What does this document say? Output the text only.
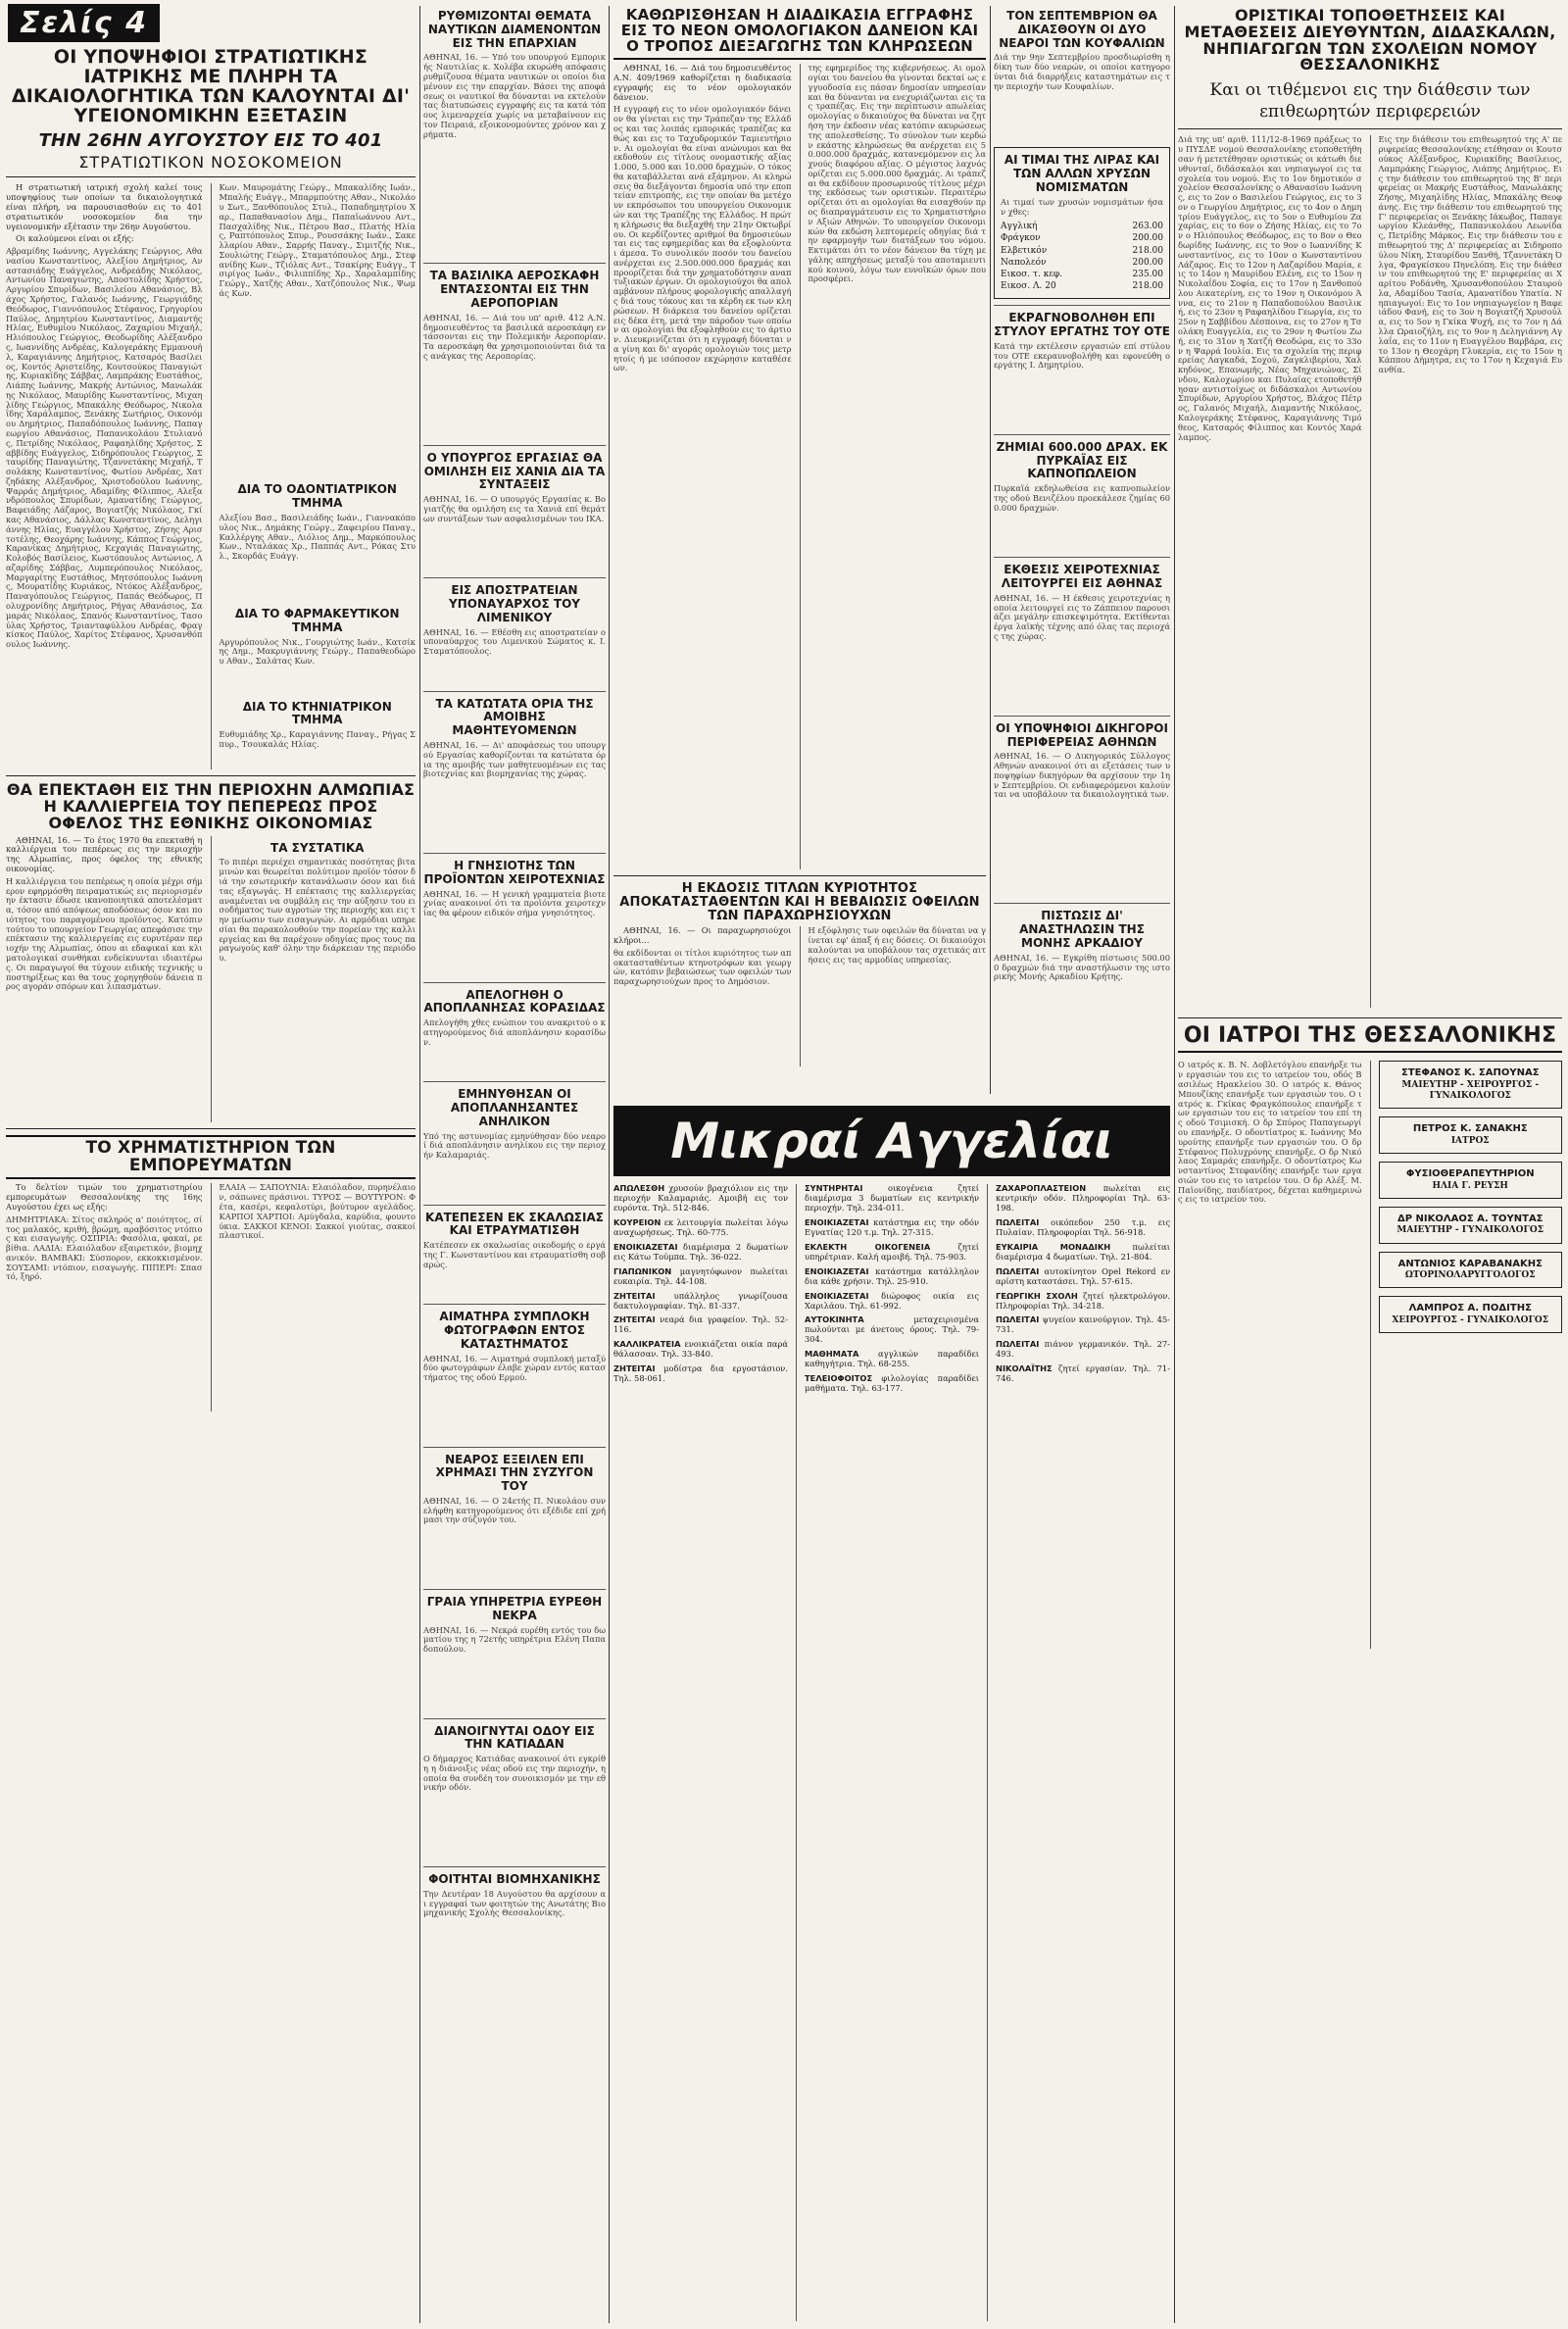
Σελίς 4
ΟΙ ΥΠΟΨΗΦΙΟΙ ΣΤΡΑΤΙΩΤΙΚΗΣ ΙΑΤΡΙΚΗΣ ΜΕ ΠΛΗΡΗ ΤΑ ΔΙΚΑΙΟΛΟΓΗΤΙΚΑ ΤΩΝ ΚΑΛΟΥΝΤΑΙ ΔΙ' ΥΓΕΙΟΝΟΜΙΚΗΝ ΕΞΕΤΑΣΙΝ
ΤΗΝ 26ΗΝ ΑΥΓΟΥΣΤΟΥ ΕΙΣ ΤΟ 401
ΣΤΡΑΤΙΩΤΙΚΟΝ ΝΟΣΟΚΟΜΕΙΟΝ

Η στρατιωτική ιατρική σχολή καλεί τους υποψηφίους των οποίων τα δικαιολογητικά είναι πλήρη, να παρουσιασθούν εις το 401 στρατιωτικόν νοσοκομείον δια την υγειονομικήν εξέτασιν την 26ην Αυγούστου.

Οι καλούμενοι είναι οι εξής:

Αβραμίδης Ιωάννης, Αγγελάκης Γεώργιος, Αθανασίου Κωνσταντίνος, Αλεξίου Δημήτριος, Αναστασιάδης Ευάγγελος, Ανδρεάδης Νικόλαος, Αντωνίου Παναγιώτης, Αποστολίδης Χρήστος, Αργυρίου Σπυρίδων, Βασιλείου Αθανάσιος, Βλάχος Χρήστος, Γαλανός Ιωάννης, Γεωργιάδης Θεόδωρος, Γιαννόπουλος Στέφανος, Γρηγορίου Παύλος, Δημητρίου Κωνσταντίνος, Διαμαντής Ηλίας, Ευθυμίου Νικόλαος, Ζαχαρίου Μιχαήλ, Ηλιόπουλος Γεώργιος, Θεοδωρίδης Αλέξανδρος, Ιωαννίδης Ανδρέας, Καλογεράκης Εμμανουήλ, Καραγιάννης Δημήτριος, Κατσαρός Βασίλειος, Κοντός Αριστείδης, Κουτσούκος Παναγιώτης, Κυριακίδης Σάββας, Λαμπράκης Ευστάθιος, Λιάπης Ιωάννης, Μακρής Αντώνιος, Μανωλάκης Νικόλαος, Μαυρίδης Κωνσταντίνος, Μιχαηλίδης Γεώργιος, Μπακάλης Θεόδωρος, Νικολαΐδης Χαράλαμπος, Ξενάκης Σωτήριος, Οικονόμου Δημήτριος, Παπαδόπουλος Ιωάννης, Παπαγεωργίου Αθανάσιος, Παπανικολάου Στυλιανός, Πετρίδης Νικόλαος, Ραφαηλίδης Χρήστος, Σαββίδης Ευάγγελος, Σιδηρόπουλος Γεώργιος, Σταυρίδης Παναγιώτης, Τζαννετάκης Μιχαήλ, Τσολάκης Κωνσταντίνος, Φωτίου Ανδρέας, Χατζηδάκης Αλέξανδρος, Χριστοδούλου Ιωάννης, Ψαρράς Δημήτριος, Αδαμίδης Φίλιππος, Αλεξανδρόπουλος Σπυρίδων, Αμανατίδης Γεώργιος, Βαφειάδης Λάζαρος, Βογιατζής Νικόλαος, Γκίκας Αθανάσιος, Δάλλας Κωνσταντίνος, Δεληγιάννης Ηλίας, Ευαγγέλου Χρήστος, Ζήσης Αριστοτέλης, Θεοχάρης Ιωάννης, Κάππος Γεώργιος, Καρανίκας Δημήτριος, Κεχαγιάς Παναγιώτης, Κολοβός Βασίλειος, Κωστόπουλος Αντώνιος, Λαζαρίδης Σάββας, Λυμπερόπουλος Νικόλαος, Μαργαρίτης Ευστάθιος, Μητσόπουλος Ιωάννης, Μουρατίδης Κυριάκος, Ντόκος Αλέξανδρος, Παναγόπουλος Γεώργιος, Παπάς Θεόδωρος, Πολυχρονίδης Δημήτριος, Ρήγας Αθανάσιος, Σαμαράς Νικόλαος, Σπανός Κωνσταντίνος, Τασούλας Χρήστος, Τριανταφύλλου Ανδρέας, Φραγκίσκος Παύλος, Χαρίτος Στέφανος, Χρυσανθόπουλος Ιωάννης.
Κων. Μαυρομάτης Γεώργ., Μπακαλίδης Ιωάν., Μπαλής Ευάγγ., Μπαρμπούτης Αθαν., Νικολάου Σωτ., Ξανθόπουλος Στυλ., Παπαδημητρίου Χαρ., Παπαθανασίου Δημ., Παπαϊωάννου Αντ., Πασχαλίδης Νικ., Πέτρου Βασ., Πλατής Ηλίας, Ραπτόπουλος Σπυρ., Ρουσσάκης Ιωάν., Σακελλαρίου Αθαν., Σαρρής Παναγ., Σιμιτζής Νικ., Σουλιώτης Γεώργ., Σταματόπουλος Δημ., Στεφανίδης Κων., Τζιόλας Αντ., Τσακίρης Ευάγγ., Τσιρίγος Ιωάν., Φιλιππίδης Χρ., Χαραλαμπίδης Γεώργ., Χατζής Αθαν., Χατζόπουλος Νικ., Ψωμάς Κων.
ΔΙΑ ΤΟ ΟΔΟΝΤΙΑΤΡΙΚΟΝ ΤΜΗΜΑ
Αλεξίου Βασ., Βασιλειάδης Ιωάν., Γιαννακόπουλος Νικ., Δημάκης Γεώργ., Ζαφειρίου Παναγ., Καλλέργης Αθαν., Λιόλιος Δημ., Μαρκόπουλος Κων., Νταλάκας Χρ., Παππάς Αντ., Ρόκας Στυλ., Σκορδάς Ευάγγ.
ΔΙΑ ΤΟ ΦΑΡΜΑΚΕΥΤΙΚΟΝ ΤΜΗΜΑ
Αργυρόπουλος Νικ., Γουργιώτης Ιωάν., Κατσίκης Δημ., Μακρυγιάννης Γεώργ., Παπαθεοδώρου Αθαν., Σαλάτας Κων.
ΔΙΑ ΤΟ ΚΤΗΝΙΑΤΡΙΚΟΝ ΤΜΗΜΑ
Ευθυμιάδης Χρ., Καραγιάννης Παναγ., Ρήγας Σπυρ., Τσουκαλάς Ηλίας.
ΘΑ ΕΠΕΚΤΑΘΗ ΕΙΣ ΤΗΝ ΠΕΡΙΟΧΗΝ ΑΛΜΩΠΙΑΣ Η ΚΑΛΛΙΕΡΓΕΙΑ ΤΟΥ ΠΕΠΕΡΕΩΣ ΠΡΟΣ ΟΦΕΛΟΣ ΤΗΣ ΕΘΝΙΚΗΣ ΟΙΚΟΝΟΜΙΑΣ

ΑΘΗΝΑΙ, 16. — Το έτος 1970 θα επεκταθή η καλλιέργεια του πεπέρεως εις την περιοχήν της Αλμωπίας, προς όφελος της εθνικής οικονομίας.

Η καλλιέργεια του πεπέρεως η οποία μέχρι σήμερον εφηρμόσθη πειραματικώς εις περιορισμένην έκτασιν έδωσε ικανοποιητικά αποτελέσματα, τόσον από απόψεως αποδόσεως όσον και ποιότητος του παραγομένου προϊόντος. Κατόπιν τούτου το υπουργείον Γεωργίας απεφάσισε την επέκτασιν της καλλιεργείας εις ευρυτέραν περιοχήν της Αλμωπίας, όπου αι εδαφικαί και κλιματολογικαί συνθήκαι ενδείκνυνται ιδιαιτέρως. Οι παραγωγοί θα τύχουν ειδικής τεχνικής υποστηρίξεως και θα τους χορηγηθούν δάνεια προς αγοράν σπόρων και λιπασμάτων.
ΤΑ ΣΥΣΤΑΤΙΚΑ
Το πιπέρι περιέχει σημαντικάς ποσότητας βιταμινών και θεωρείται πολύτιμον προϊόν τόσον διά την εσωτερικήν κατανάλωσιν όσον και διά τας εξαγωγάς. Η επέκτασις της καλλιεργείας αναμένεται να συμβάλη εις την αύξησιν του εισοδήματος των αγροτών της περιοχής και εις την μείωσιν των εισαγωγών. Αι αρμόδιαι υπηρεσίαι θα παρακολουθούν την πορείαν της καλλιεργείας και θα παρέχουν οδηγίας προς τους παραγωγούς καθ' όλην την διάρκειαν της περιόδου.
ΤΟ ΧΡΗΜΑΤΙΣΤΗΡΙΟΝ ΤΩΝ ΕΜΠΟΡΕΥΜΑΤΩΝ

Το δελτίον τιμών του χρηματιστηρίου εμπορευμάτων Θεσσαλονίκης της 16ης Αυγούστου έχει ως εξής:

ΔΗΜΗΤΡΙΑΚΑ: Σίτος σκληρός α' ποιότητος, σίτος μαλακός, κριθή, βρώμη, αραβόσιτος ντόπιος και εισαγωγής. ΟΣΠΡΙΑ: Φασόλια, φακαί, ρεβίθια. ΛΑΔΙΑ: Ελαιόλαδον εξαιρετικόν, βιομηχανικόν. ΒΑΜΒΑΚΙ: Σύσπορον, εκκοκκισμένον. ΣΟΥΣΑΜΙ: ντόπιον, εισαγωγής. ΠΙΠΕΡΙ: Σπαστό, ξηρό.
ΕΛΑΙΑ — ΣΑΠΟΥΝΙΑ: Ελαιόλαδον, πυρηνέλαιον, σάπωνες πράσινοι. ΤΥΡΟΣ — ΒΟΥΤΥΡΟΝ: Φέτα, κασέρι, κεφαλοτύρι, βούτυρον αγελάδος. ΚΑΡΠΟΙ ΧΑΡΤΙΟΙ: Αμύγδαλα, καρύδια, φουντούκια. ΣΑΚΚΟΙ ΚΕΝΟΙ: Σακκοί γιούτας, σακκοί πλαστικοί.
ΡΥΘΜΙΖΟΝΤΑΙ ΘΕΜΑΤΑ ΝΑΥΤΙΚΩΝ ΔΙΑΜΕΝΟΝΤΩΝ ΕΙΣ ΤΗΝ ΕΠΑΡΧΙΑΝ
ΑΘΗΝΑΙ, 16. — Υπό του υπουργού Εμπορικής Ναυτιλίας κ. Χολέβα εκυρώθη απόφασις ρυθμίζουσα θέματα ναυτικών οι οποίοι διαμένουν εις την επαρχίαν. Βάσει της αποφάσεως οι ναυτικοί θα δύνανται να εκτελούν τας διατυπώσεις εγγραφής εις τα κατά τόπους λιμεναρχεία χωρίς να μεταβαίνουν εις τον Πειραιά, εξοικονομούντες χρόνον και χρήματα.
ΤΑ ΒΑΣΙΛΙΚΑ ΑΕΡΟΣΚΑΦΗ ΕΝΤΑΣΣΟΝΤΑΙ ΕΙΣ ΤΗΝ ΑΕΡΟΠΟΡΙΑΝ
ΑΘΗΝΑΙ, 16. — Διά του υπ' αριθ. 412 Α.Ν. δημοσιευθέντος τα βασιλικά αεροσκάφη εντάσσονται εις την Πολεμικήν Αεροπορίαν. Τα αεροσκάφη θα χρησιμοποιούνται διά τας ανάγκας της Αεροπορίας.
Ο ΥΠΟΥΡΓΟΣ ΕΡΓΑΣΙΑΣ ΘΑ ΟΜΙΛΗΣΗ ΕΙΣ ΧΑΝΙΑ ΔΙΑ ΤΑ ΣΥΝΤΑΞΕΙΣ
ΑΘΗΝΑΙ, 16. — Ο υπουργός Εργασίας κ. Βογιατζής θα ομιλήση εις τα Χανιά επί θεμάτων συντάξεων των ασφαλισμένων του ΙΚΑ.
ΕΙΣ ΑΠΟΣΤΡΑΤΕΙΑΝ ΥΠΟΝΑΥΑΡΧΟΣ ΤΟΥ ΛΙΜΕΝΙΚΟΥ
ΑΘΗΝΑΙ, 16. — Εθέσθη εις αποστρατείαν ο υποναύαρχος του Λιμενικού Σώματος κ. Ι. Σταματόπουλος.
ΤΑ ΚΑΤΩΤΑΤΑ ΟΡΙΑ ΤΗΣ ΑΜΟΙΒΗΣ ΜΑΘΗΤΕΥΟΜΕΝΩΝ
ΑΘΗΝΑΙ, 16. — Δι' αποφάσεως του υπουργού Εργασίας καθορίζονται τα κατώτατα όρια της αμοιβής των μαθητευομένων εις τας βιοτεχνίας και βιομηχανίας της χώρας.
Η ΓΝΗΣΙΟΤΗΣ ΤΩΝ ΠΡΟΪΟΝΤΩΝ ΧΕΙΡΟΤΕΧΝΙΑΣ
ΑΘΗΝΑΙ, 16. — Η γενική γραμματεία βιοτεχνίας ανακοινοί ότι τα προϊόντα χειροτεχνίας θα φέρουν ειδικόν σήμα γνησιότητος.
ΑΠΕΛΟΓΗΘΗ Ο ΑΠΟΠΛΑΝΗΣΑΣ ΚΟΡΑΣΙΔΑΣ
Απελογήθη χθες ενώπιον του ανακριτού ο κατηγορούμενος διά αποπλάνησιν κορασίδων.
ΕΜΗΝΥΘΗΣΑΝ ΟΙ ΑΠΟΠΛΑΝΗΣΑΝΤΕΣ ΑΝΗΛΙΚΟΝ
Υπό της αστυνομίας εμηνύθησαν δύο νεαροί διά αποπλάνησιν ανηλίκου εις την περιοχήν Καλαμαριάς.
ΚΑΤΕΠΕΣΕΝ ΕΚ ΣΚΑΛΩΣΙΑΣ ΚΑΙ ΕΤΡΑΥΜΑΤΙΣΘΗ
Κατέπεσεν εκ σκαλωσίας οικοδομής ο εργάτης Γ. Κωνσταντίνου και ετραυματίσθη σοβαρώς.
ΑΙΜΑΤΗΡΑ ΣΥΜΠΛΟΚΗ ΦΩΤΟΓΡΑΦΩΝ ΕΝΤΟΣ ΚΑΤΑΣΤΗΜΑΤΟΣ
ΑΘΗΝΑΙ, 16. — Αιματηρά συμπλοκή μεταξύ δύο φωτογράφων έλαβε χώραν εντός καταστήματος της οδού Ερμού.
ΝΕΑΡΟΣ ΕΞΕΙΛΕΝ ΕΠΙ ΧΡΗΜΑΣΙ ΤΗΝ ΣΥΖΥΓΟΝ ΤΟΥ
ΑΘΗΝΑΙ, 16. — Ο 24ετής Π. Νικολάου συνελήφθη κατηγορούμενος ότι εξέδιδε επί χρήμασι την σύζυγόν του.
ΓΡΑΙΑ ΥΠΗΡΕΤΡΙΑ ΕΥΡΕΘΗ ΝΕΚΡΑ
ΑΘΗΝΑΙ, 16. — Νεκρά ευρέθη εντός του δωματίου της η 72ετής υπηρέτρια Ελένη Παπαδοπούλου.
ΔΙΑΝΟΙΓΝΥΤΑΙ ΟΔΟΥ ΕΙΣ ΤΗΝ ΚΑΤΙΑΔΑΝ
Ο δήμαρχος Κατιάδας ανακοινοί ότι εγκρίθη η διάνοιξις νέας οδού εις την περιοχήν, η οποία θα συνδέη τον συνοικισμόν με την εθνικήν οδόν.
ΦΟΙΤΗΤΑΙ ΒΙΟΜΗΧΑΝΙΚΗΣ
Την Δευτέραν 18 Αυγούστου θα αρχίσουν αι εγγραφαί των φοιτητών της Ανωτάτης Βιομηχανικής Σχολής Θεσσαλονίκης.
ΚΑΘΩΡΙΣΘΗΣΑΝ Η ΔΙΑΔΙΚΑΣΙΑ ΕΓΓΡΑΦΗΣ ΕΙΣ ΤΟ ΝΕΟΝ ΟΜΟΛΟΓΙΑΚΟΝ ΔΑΝΕΙΟΝ ΚΑΙ Ο ΤΡΟΠΟΣ ΔΙΕΞΑΓΩΓΗΣ ΤΩΝ ΚΛΗΡΩΣΕΩΝ

ΑΘΗΝΑΙ, 16. — Διά του δημοσιευθέντος Α.Ν. 409/1969 καθορίζεται η διαδικασία εγγραφής εις το νέον ομολογιακόν δάνειον.

Η εγγραφή εις το νέον ομολογιακόν δάνειον θα γίνεται εις την Τράπεζαν της Ελλάδος και τας λοιπάς εμπορικάς τραπέζας καθώς και εις το Ταχυδρομικόν Ταμιευτήριον. Αι ομολογίαι θα είναι ανώνυμοι και θα εκδοθούν εις τίτλους ονομαστικής αξίας 1.000, 5.000 και 10.000 δραχμών. Ο τόκος θα καταβάλλεται ανά εξάμηνον. Αι κληρώσεις θα διεξάγονται δημοσία υπό την εποπτείαν επιτροπής, εις την οποίαν θα μετέχουν εκπρόσωποι του υπουργείου Οικονομικών και της Τραπέζης της Ελλάδος. Η πρώτη κλήρωσις θα διεξαχθή την 21ην Οκτωβρίου. Οι κερδίζοντες αριθμοί θα δημοσιεύωνται εις τας εφημερίδας και θα εξοφλούνται άμεσα. Το συνολικόν ποσόν του δανείου ανέρχεται εις 2.500.000.000 δραχμάς και προορίζεται διά την χρηματοδότησιν αναπτυξιακών έργων. Οι ομολογιούχοι θα απολαμβάνουν πλήρους φορολογικής απαλλαγής διά τους τόκους και τα κέρδη εκ των κληρώσεων. Η διάρκεια του δανείου ορίζεται εις δέκα έτη, μετά την πάροδον των οποίων αι ομολογίαι θα εξοφληθούν εις το άρτιον. Διευκρινίζεται ότι η εγγραφή δύναται να γίνη και δι' αγοράς ομολογιών τοις μετρητοίς ή με ισόποσον εκχώρησιν καταθέσεων.
της εφημερίδος της κυβερνήσεως. Αι ομολογίαι του δανείου θα γίνονται δεκταί ως εγγυοδοσία εις πάσαν δημοσίαν υπηρεσίαν και θα δύνανται να ενεχυριάζωνται εις τας τραπέζας. Εις την περίπτωσιν απωλείας ομολογίας ο δικαιούχος θα δύναται να ζητήση την έκδοσιν νέας κατόπιν ακυρώσεως της απολεσθείσης. Το σύνολον των κερδών εκάστης κληρώσεως θα ανέρχεται εις 50.000.000 δραχμάς, κατανεμόμενον εις λαχνούς διαφόρου αξίας. Ο μέγιστος λαχνός ορίζεται εις 5.000.000 δραχμάς. Αι τράπεζαι θα εκδίδουν προσωρινούς τίτλους μέχρι της εκδόσεως των οριστικών. Περαιτέρω ορίζεται ότι αι ομολογίαι θα εισαχθούν προς διαπραγμάτευσιν εις το Χρηματιστήριον Αξιών Αθηνών. Το υπουργείον Οικονομικών θα εκδώση λεπτομερείς οδηγίας διά την εφαρμογήν των διατάξεων του νόμου. Εκτιμάται ότι το νέον δάνειον θα τύχη μεγάλης απηχήσεως μεταξύ του αποταμιευτικού κοινού, λόγω των ευνοϊκών όρων που προσφέρει.
Η ΕΚΔΟΣΙΣ ΤΙΤΛΩΝ ΚΥΡΙΟΤΗΤΟΣ ΑΠΟΚΑΤΑΣΤΑΘΕΝΤΩΝ ΚΑΙ Η ΒΕΒΑΙΩΣΙΣ ΟΦΕΙΛΩΝ ΤΩΝ ΠΑΡΑΧΩΡΗΣΙΟΥΧΩΝ

ΑΘΗΝΑΙ, 16. — Οι παραχωρησιούχοι κλήροι...

θα εκδίδονται οι τίτλοι κυριότητος των αποκατασταθέντων κτηνοτρόφων και γεωργών, κατόπιν βεβαιώσεως των οφειλών των παραχωρησιούχων προς το Δημόσιον.
Η εξόφλησις των οφειλών θα δύναται να γίνεται εφ' άπαξ ή εις δόσεις. Οι δικαιούχοι καλούνται να υποβάλουν τας σχετικάς αιτήσεις εις τας αρμοδίας υπηρεσίας.
ΤΟΝ ΣΕΠΤΕΜΒΡΙΟΝ ΘΑ ΔΙΚΑΣΘΟΥΝ ΟΙ ΔΥΟ ΝΕΑΡΟΙ ΤΩΝ ΚΟΥΦΑΛΙΩΝ
Διά την 9ην Σεπτεμβρίου προσδιωρίσθη η δίκη των δύο νεαρών, οι οποίοι κατηγορούνται διά διαρρήξεις καταστημάτων εις την περιοχήν των Κουφαλίων.
ΑΙ ΤΙΜΑΙ ΤΗΣ ΛΙΡΑΣ ΚΑΙ ΤΩΝ ΑΛΛΩΝ ΧΡΥΣΩΝ ΝΟΜΙΣΜΑΤΩΝ
Αι τιμαί των χρυσών νομισμάτων ήσαν χθες:
Αγγλική	263.00
Φράγκον	200.00
Ελβετικόν	218.00
Ναπολεόν	200.00
Εικοσ. τ. κεφ.	235.00
Εικοσ. Λ. 20	218.00
ΕΚΡΑΓΝΟΒΟΛΗΘΗ ΕΠΙ ΣΤΥΛΟΥ ΕΡΓΑΤΗΣ ΤΟΥ ΟΤΕ
Κατά την εκτέλεσιν εργασιών επί στύλου του ΟΤΕ εκεραυνοβολήθη και εφονεύθη ο εργάτης Ι. Δημητρίου.
ΖΗΜΙΑΙ 600.000 ΔΡΑΧ. ΕΚ ΠΥΡΚΑΪΑΣ ΕΙΣ ΚΑΠΝΟΠΩΛΕΙΟΝ
Πυρκαϊά εκδηλωθείσα εις καπνοπωλείον της οδού Βενιζέλου προεκάλεσε ζημίας 600.000 δραχμών.
ΕΚΘΕΣΙΣ ΧΕΙΡΟΤΕΧΝΙΑΣ ΛΕΙΤΟΥΡΓΕΙ ΕΙΣ ΑΘΗΝΑΣ
ΑΘΗΝΑΙ, 16. — Η έκθεσις χειροτεχνίας η οποία λειτουργεί εις το Ζάππειον παρουσιάζει μεγάλην επισκεψιμότητα. Εκτίθενται έργα λαϊκής τέχνης από όλας τας περιοχάς της χώρας.
ΟΙ ΥΠΟΨΗΦΙΟΙ ΔΙΚΗΓΟΡΟΙ ΠΕΡΙΦΕΡΕΙΑΣ ΑΘΗΝΩΝ
ΑΘΗΝΑΙ, 16. — Ο Δικηγορικός Σύλλογος Αθηνών ανακοινοί ότι αι εξετάσεις των υποψηφίων δικηγόρων θα αρχίσουν την 1ην Σεπτεμβρίου. Οι ενδιαφερόμενοι καλούνται να υποβάλουν τα δικαιολογητικά των.
ΠΙΣΤΩΣΙΣ ΔΙ' ΑΝΑΣΤΗΛΩΣΙΝ ΤΗΣ ΜΟΝΗΣ ΑΡΚΑΔΙΟΥ
ΑΘΗΝΑΙ, 16. — Εγκρίθη πίστωσις 500.000 δραχμών διά την αναστήλωσιν της ιστορικής Μονής Αρκαδίου Κρήτης.
Μικραί Αγγελίαι

ΑΠΩΛΕΣΘΗ χρυσούν βραχιόλιον εις την περιοχήν Καλαμαριάς. Αμοιβή εις τον ευρόντα. Τηλ. 512-846.

ΚΟΥΡΕΙΟΝ εκ λειτουργία πωλείται λόγω αναχωρήσεως. Τηλ. 60-775.

ΕΝΟΙΚΙΑΖΕΤΑΙ διαμέρισμα 2 δωματίων εις Κάτω Τούμπα. Τηλ. 36-022.

ΓΙΑΠΩΝΙΚΟΝ μαγνητόφωνον πωλείται ευκαιρία. Τηλ. 44-108.

ΖΗΤΕΙΤΑΙ υπάλληλος γνωρίζουσα δακτυλογραφίαν. Τηλ. 81-337.

ΖΗΤΕΙΤΑΙ νεαρά δια γραφείον. Τηλ. 52-116.

ΚΑΛΛΙΚΡΑΤΕΙΑ ενοικιάζεται οικία παρά θάλασσαν. Τηλ. 33-840.

ΖΗΤΕΙΤΑΙ μοδίστρα δια εργοστάσιον. Τηλ. 58-061.

ΣΥΝΤΗΡΗΤΑΙ οικογένεια ζητεί διαμέρισμα 3 δωματίων εις κεντρικήν περιοχήν. Τηλ. 234-011.

ΕΝΟΙΚΙΑΖΕΤΑΙ κατάστημα εις την οδόν Εγνατίας 120 τ.μ. Τηλ. 27-315.

ΕΚΛΕΚΤΗ ΟΙΚΟΓΕΝΕΙΑ ζητεί υπηρέτριαν. Καλή αμοιβή. Τηλ. 75-903.

ΕΝΟΙΚΙΑΖΕΤΑΙ κατάστημα κατάλληλον δια κάθε χρήσιν. Τηλ. 25-910.

ΕΝΟΙΚΙΑΖΕΤΑΙ διώροφος οικία εις Χαριλάου. Τηλ. 61-992.

ΑΥΤΟΚΙΝΗΤΑ μεταχειρισμένα πωλούνται με άνετους όρους. Τηλ. 79-304.

ΜΑΘΗΜΑΤΑ αγγλικών παραδίδει καθηγήτρια. Τηλ. 68-255.

ΤΕΛΕΙΟΦΟΙΤΟΣ φιλολογίας παραδίδει μαθήματα. Τηλ. 63-177.

ΖΑΧΑΡΟΠΛΑΣΤΕΙΟΝ πωλείται εις κεντρικήν οδόν. Πληροφορίαι Τηλ. 63-198.

ΠΩΛΕΙΤΑΙ οικόπεδον 250 τ.μ. εις Πυλαίαν. Πληροφορίαι Τηλ. 56-918.

ΕΥΚΑΙΡΙΑ ΜΟΝΑΔΙΚΗ πωλείται διαμέρισμα 4 δωματίων. Τηλ. 21-804.

ΠΩΛΕΙΤΑΙ αυτοκίνητον Opel Rekord εν αρίστη καταστάσει. Τηλ. 57-615.

ΓΕΩΡΓΙΚΗ ΣΧΟΛΗ ζητεί ηλεκτρολόγον. Πληροφορίαι Τηλ. 34-218.

ΠΩΛΕΙΤΑΙ ψυγείον καινούργιον. Τηλ. 45-731.

ΠΩΛΕΙΤΑΙ πιάνον γερμανικόν. Τηλ. 27-493.

ΝΙΚΟΛΑΪΤΗΣ ζητεί εργασίαν. Τηλ. 71-746.

ΟΡΙΣΤΙΚΑΙ ΤΟΠΟΘΕΤΗΣΕΙΣ ΚΑΙ ΜΕΤΑΘΕΣΕΙΣ ΔΙΕΥΘΥΝΤΩΝ, ΔΙΔΑΣΚΑΛΩΝ, ΝΗΠΙΑΓΩΓΩΝ ΤΩΝ ΣΧΟΛΕΙΩΝ ΝΟΜΟΥ ΘΕΣΣΑΛΟΝΙΚΗΣ
Και οι τιθέμενοι εις την διάθεσιν των επιθεωρητών περιφερειών
Διά της υπ' αριθ. 111/12-8-1969 πράξεως του ΠΥΣΔΕ νομού Θεσσαλονίκης ετοποθετήθησαν ή μετετέθησαν οριστικώς οι κάτωθι διευθυνταί, διδάσκαλοι και νηπιαγωγοί εις τα σχολεία του νομού. Εις το 1ον δημοτικόν σχολείον Θεσσαλονίκης ο Αθανασίου Ιωάννης, εις το 2ον ο Βασιλείου Γεώργιος, εις το 3ον ο Γεωργίου Δημήτριος, εις το 4ον ο Δημητρίου Ευάγγελος, εις το 5ον ο Ευθυμίου Ζαχαρίας, εις το 6ον ο Ζήσης Ηλίας, εις το 7ον ο Ηλιόπουλος Θεόδωρος, εις το 8ον ο Θεοδωρίδης Ιωάννης, εις το 9ον ο Ιωαννίδης Κωνσταντίνος, εις το 10ον ο Κωνσταντίνου Λάζαρος. Εις το 12ον η Λαζαρίδου Μαρία, εις το 14ον η Μαυρίδου Ελένη, εις το 15ον η Νικολαΐδου Σοφία, εις το 17ον η Ξανθοπούλου Αικατερίνη, εις το 19ον η Οικονόμου Άννα, εις το 21ον η Παπαδοπούλου Βασιλική, εις το 23ον η Ραφαηλίδου Γεωργία, εις το 25ον η Σαββίδου Δέσποινα, εις το 27ον η Τσολάκη Ευαγγελία, εις το 29ον η Φωτίου Ζωή, εις το 31ον η Χατζή Θεοδώρα, εις το 33ον η Ψαρρά Ιουλία. Εις τα σχολεία της περιφερείας Λαγκαδά, Σοχού, Ζαγκλιβερίου, Χαλκηδόνος, Επανωμής, Νέας Μηχανιώνας, Σίνδου, Καλοχωρίου και Πυλαίας ετοποθετήθησαν αντιστοίχως οι διδάσκαλοι Αντωνίου Σπυρίδων, Αργυρίου Χρήστος, Βλάχος Πέτρος, Γαλανός Μιχαήλ, Διαμαντής Νικόλαος, Καλογεράκης Στέφανος, Καραγιάννης Τιμόθεος, Κατσαρός Φίλιππος και Κοντός Χαράλαμπος.
Εις την διάθεσιν του επιθεωρητού της Α' περιφερείας Θεσσαλονίκης ετέθησαν οι Κουτσούκος Αλέξανδρος, Κυριακίδης Βασίλειος, Λαμπράκης Γεώργιος, Λιάπης Δημήτριος. Εις την διάθεσιν του επιθεωρητού της Β' περιφερείας οι Μακρής Ευστάθιος, Μανωλάκης Ζήσης, Μιχαηλίδης Ηλίας, Μπακάλης Θεοφάνης. Εις την διάθεσιν του επιθεωρητού της Γ' περιφερείας οι Ξενάκης Ιάκωβος, Παπαγεωργίου Κλεάνθης, Παπανικολάου Λεωνίδας, Πετρίδης Μάρκος. Εις την διάθεσιν του επιθεωρητού της Δ' περιφερείας αι Σιδηροπούλου Νίκη, Σταυρίδου Ξανθή, Τζαννετάκη Όλγα, Φραγκίσκου Πηνελόπη. Εις την διάθεσιν του επιθεωρητού της Ε' περιφερείας αι Χαρίτου Ροδάνθη, Χρυσανθοπούλου Σταυρούλα, Αδαμίδου Τασία, Αμανατίδου Υπατία. Νηπιαγωγοί: Εις το 1ον νηπιαγωγείον η Βαφειάδου Φανή, εις το 3ον η Βογιατζή Χρυσούλα, εις το 5ον η Γκίκα Ψυχή, εις το 7ον η Δάλλα Ωραιοζήλη, εις το 9ον η Δεληγιάννη Αγλαΐα, εις το 11ον η Ευαγγέλου Βαρβάρα, εις το 13ον η Θεοχάρη Γλυκερία, εις το 15ον η Κάππου Δήμητρα, εις το 17ον η Κεχαγιά Ευανθία.
ΟΙ ΙΑΤΡΟΙ ΤΗΣ ΘΕΣΣΑΛΟΝΙΚΗΣ
Ο ιατρός κ. Β. Ν. Δοβλετόγλου επανήρξε των εργασιών του εις το ιατρείον του, οδός Βασιλέως Ηρακλείου 30. Ο ιατρός κ. Θάνος Μπουζίκης επανήρξε των εργασιών του. Ο ιατρός κ. Γκίκας Φραγκόπουλος επανήρξε των εργασιών του εις το ιατρείον του επί της οδού Τσιμισκή. Ο δρ Σπύρος Παπαγεωργίου επανήρξε. Ο οδοντίατρος κ. Ιωάννης Μουρούτης επανήρξε των εργασιών του. Ο δρ Στέφανος Πολυχρόνης επανήρξε. Ο δρ Νικόλαος Σαμαράς επανήρξε. Ο οδοντίατρος Κωνσταντίνος Στεφανίδης επανήρξε των εργασιών του εις το ιατρείον του. Ο δρ Αλέξ. Μ. Παϊονίδης, παιδίατρος, δέχεται καθημερινώς εις το ιατρείον του.
ΣΤΕΦΑΝΟΣ Κ. ΣΑΠΟΥΝΑΣ
ΜΑΙΕΥΤΗΡ - ΧΕΙΡΟΥΡΓΟΣ - ΓΥΝΑΙΚΟΛΟΓΟΣ
ΠΕΤΡΟΣ Κ. ΣΑΝΑΚΗΣ
ΙΑΤΡΟΣ
ΦΥΣΙΟΘΕΡΑΠΕΥΤΗΡΙΟΝ
ΗΛΙΑ Γ. ΡΕΥΣΗ
ΔΡ ΝΙΚΟΛΑΟΣ Α. ΤΟΥΝΤΑΣ
ΜΑΙΕΥΤΗΡ - ΓΥΝΑΙΚΟΛΟΓΟΣ
ΑΝΤΩΝΙΟΣ ΚΑΡΑΒΑΝΑΚΗΣ
ΩΤΟΡΙΝΟΛΑΡΥΓΓΟΛΟΓΟΣ
ΛΑΜΠΡΟΣ Α. ΠΟΔΙΤΗΣ
ΧΕΙΡΟΥΡΓΟΣ - ΓΥΝΑΙΚΟΛΟΓΟΣ
